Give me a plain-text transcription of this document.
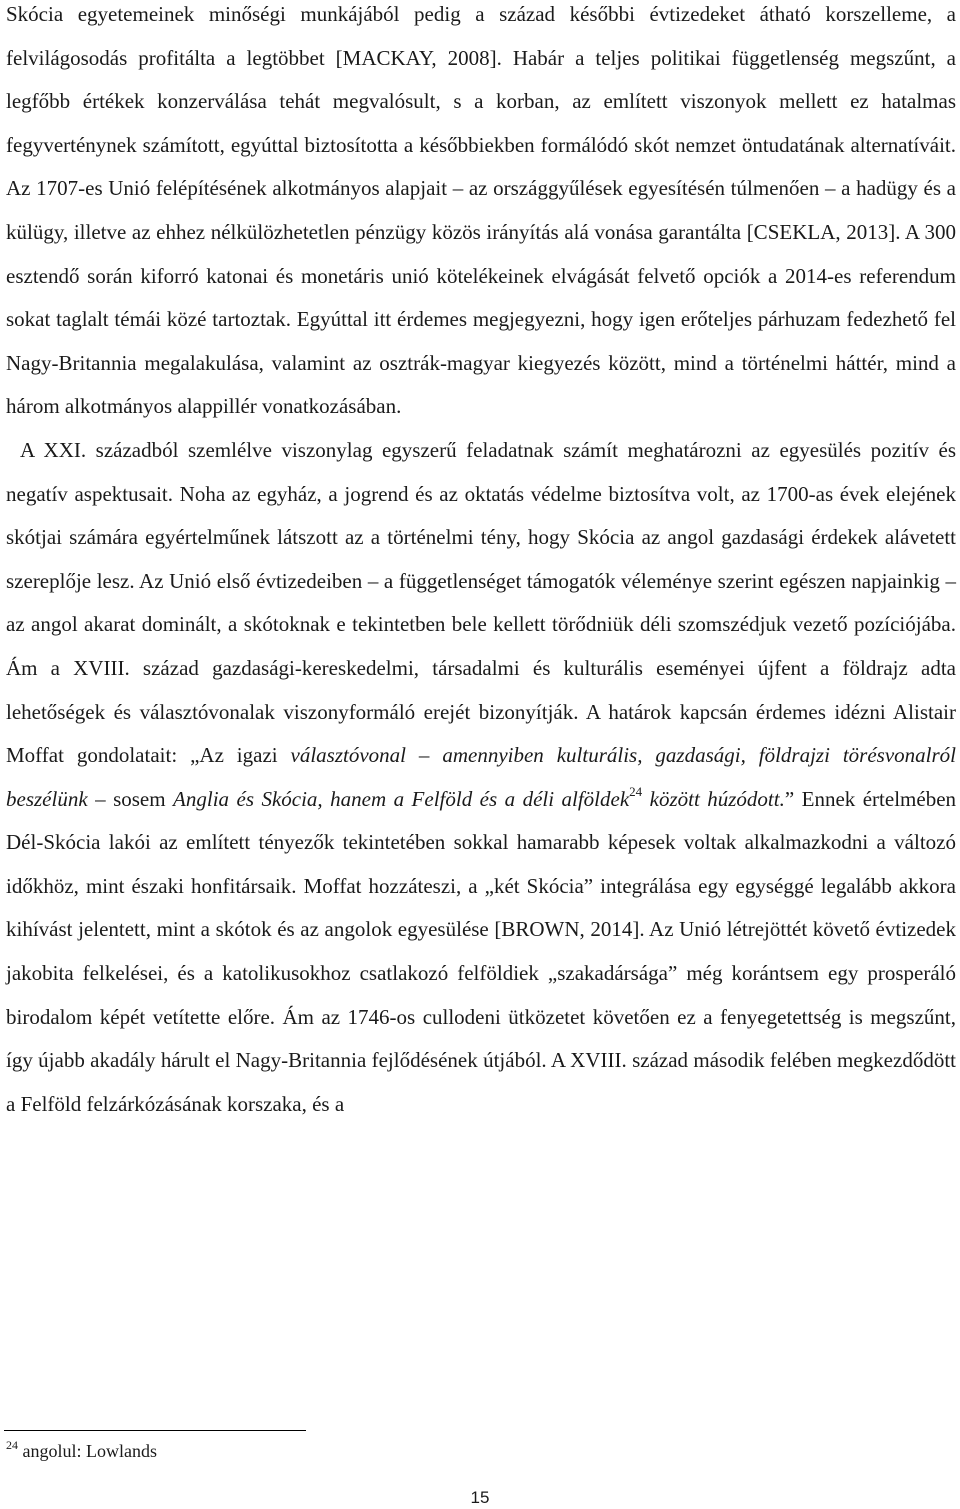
Skócia egyetemeinek minőségi munkájából pedig a század későbbi évtizedeket átható korszelleme, a felvilágosodás profitálta a legtöbbet [MACKAY, 2008]. Habár a teljes politikai függetlenség megszűnt, a legfőbb értékek konzerválása tehát megvalósult, s a korban, az említett viszonyok mellett ez hatalmas fegyverténynek számított, egyúttal biztosította a későbbiekben formálódó skót nemzet öntudatának alternatíváit. Az 1707-es Unió felépítésének alkotmányos alapjait – az országgyűlések egyesítésén túlmenően – a hadügy és a külügy, illetve az ehhez nélkülözhetetlen pénzügy közös irányítás alá vonása garantálta [CSEKLA, 2013]. A 300 esztendő során kiforró katonai és monetáris unió kötelékeinek elvágását felvető opciók a 2014-es referendum sokat taglalt témái közé tartoztak. Egyúttal itt érdemes megjegyezni, hogy igen erőteljes párhuzam fedezhető fel Nagy-Britannia megalakulása, valamint az osztrák-magyar kiegyezés között, mind a történelmi háttér, mind a három alkotmányos alappillér vonatkozásában.

A XXI. századból szemlélve viszonylag egyszerű feladatnak számít meghatározni az egyesülés pozitív és negatív aspektusait. Noha az egyház, a jogrend és az oktatás védelme biztosítva volt, az 1700-as évek elejének skótjai számára egyértelműnek látszott az a történelmi tény, hogy Skócia az angol gazdasági érdekek alávetett szereplője lesz. Az Unió első évtizedeiben – a függetlenséget támogatók véleménye szerint egészen napjainkig – az angol akarat dominált, a skótoknak e tekintetben bele kellett törődniük déli szomszédjuk vezető pozíciójába. Ám a XVIII. század gazdasági-kereskedelmi, társadalmi és kulturális eseményei újfent a földrajz adta lehetőségek és választóvonalak viszonyformáló erejét bizonyítják. A határok kapcsán érdemes idézni Alistair Moffat gondolatait: „Az igazi választóvonal – amennyiben kulturális, gazdasági, földrajzi törésvonalról beszélünk – sosem Anglia és Skócia, hanem a Felföld és a déli alföldek$^{24}$ között húzódott.” Ennek értelmében Dél-Skócia lakói az említett tényezők tekintetében sokkal hamarabb képesek voltak alkalmazkodni a változó időkhöz, mint északi honfitársaik. Moffat hozzáteszi, a „két Skócia” integrálása egy egységgé legalább akkora kihívást jelentett, mint a skótok és az angolok egyesülése [BROWN, 2014]. Az Unió létrejöttét követő évtizedek jakobita felkelései, és a katolikusokhoz csatlakozó felföldiek „szakadársága” még korántsem egy prosperáló birodalom képét vetítette előre. Ám az 1746-os cullodeni ütközetet követően ez a fenyegetettség is megszűnt, így újabb akadály hárult el Nagy-Britannia fejlődésének útjából. A XVIII. század második felében megkezdődött a Felföld felzárkózásának korszaka, és a

$^{24}$ angolul: Lowlands
15
